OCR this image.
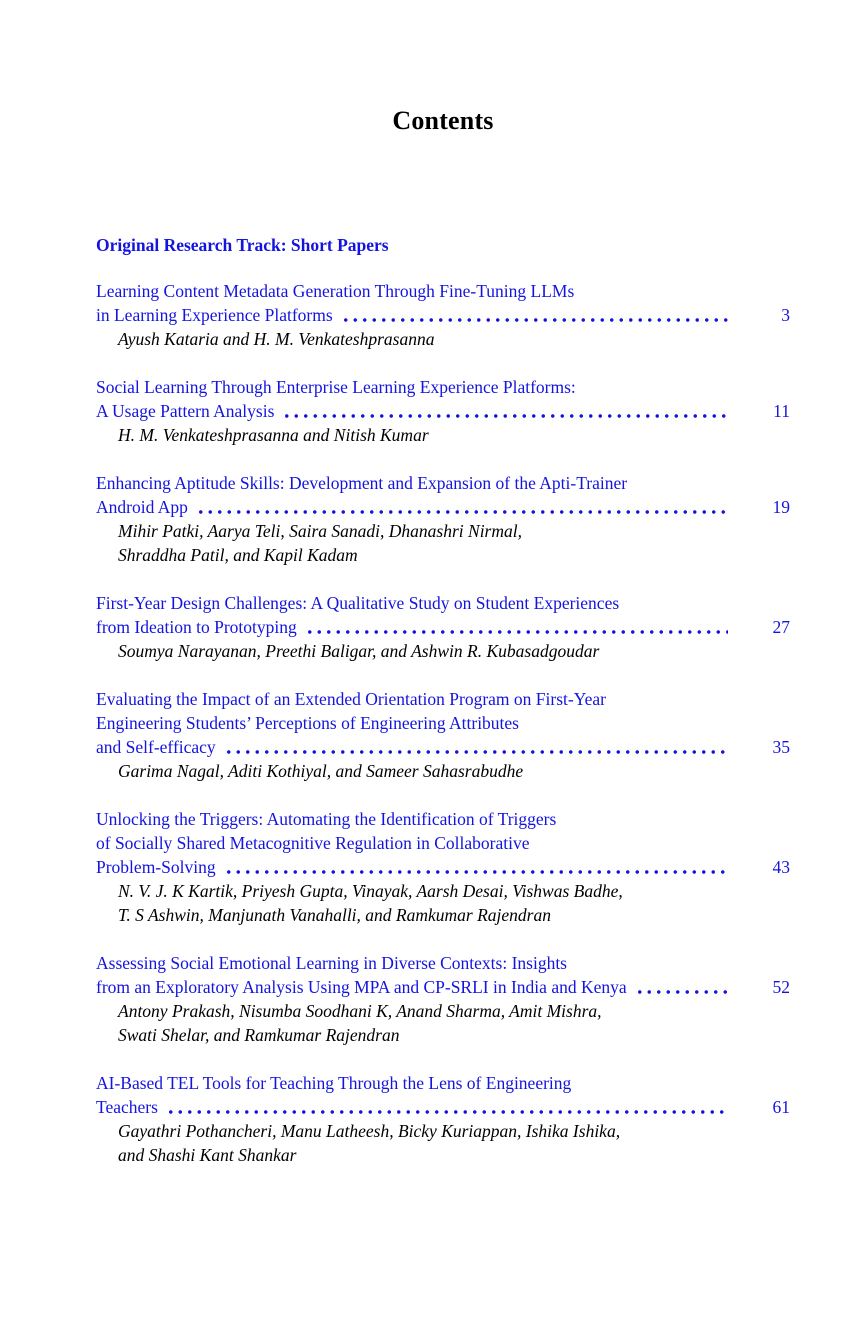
Contents
Original Research Track: Short Papers
Learning Content Metadata Generation Through Fine-Tuning LLMs
in Learning Experience Platforms	3
Ayush Kataria and H. M. Venkateshprasanna
Social Learning Through Enterprise Learning Experience Platforms:
A Usage Pattern Analysis	11
H. M. Venkateshprasanna and Nitish Kumar
Enhancing Aptitude Skills: Development and Expansion of the Apti-Trainer
Android App	19
Mihir Patki, Aarya Teli, Saira Sanadi, Dhanashri Nirmal,
Shraddha Patil, and Kapil Kadam
First-Year Design Challenges: A Qualitative Study on Student Experiences
from Ideation to Prototyping	27
Soumya Narayanan, Preethi Baligar, and Ashwin R. Kubasadgoudar
Evaluating the Impact of an Extended Orientation Program on First-Year
Engineering Students’ Perceptions of Engineering Attributes
and Self-efficacy	35
Garima Nagal, Aditi Kothiyal, and Sameer Sahasrabudhe
Unlocking the Triggers: Automating the Identification of Triggers
of Socially Shared Metacognitive Regulation in Collaborative
Problem-Solving	43
N. V. J. K Kartik, Priyesh Gupta, Vinayak, Aarsh Desai, Vishwas Badhe,
T. S Ashwin, Manjunath Vanahalli, and Ramkumar Rajendran
Assessing Social Emotional Learning in Diverse Contexts: Insights
from an Exploratory Analysis Using MPA and CP-SRLI in India and Kenya	52
Antony Prakash, Nisumba Soodhani K, Anand Sharma, Amit Mishra,
Swati Shelar, and Ramkumar Rajendran
AI-Based TEL Tools for Teaching Through the Lens of Engineering
Teachers	61
Gayathri Pothancheri, Manu Latheesh, Bicky Kuriappan, Ishika Ishika,
and Shashi Kant Shankar
